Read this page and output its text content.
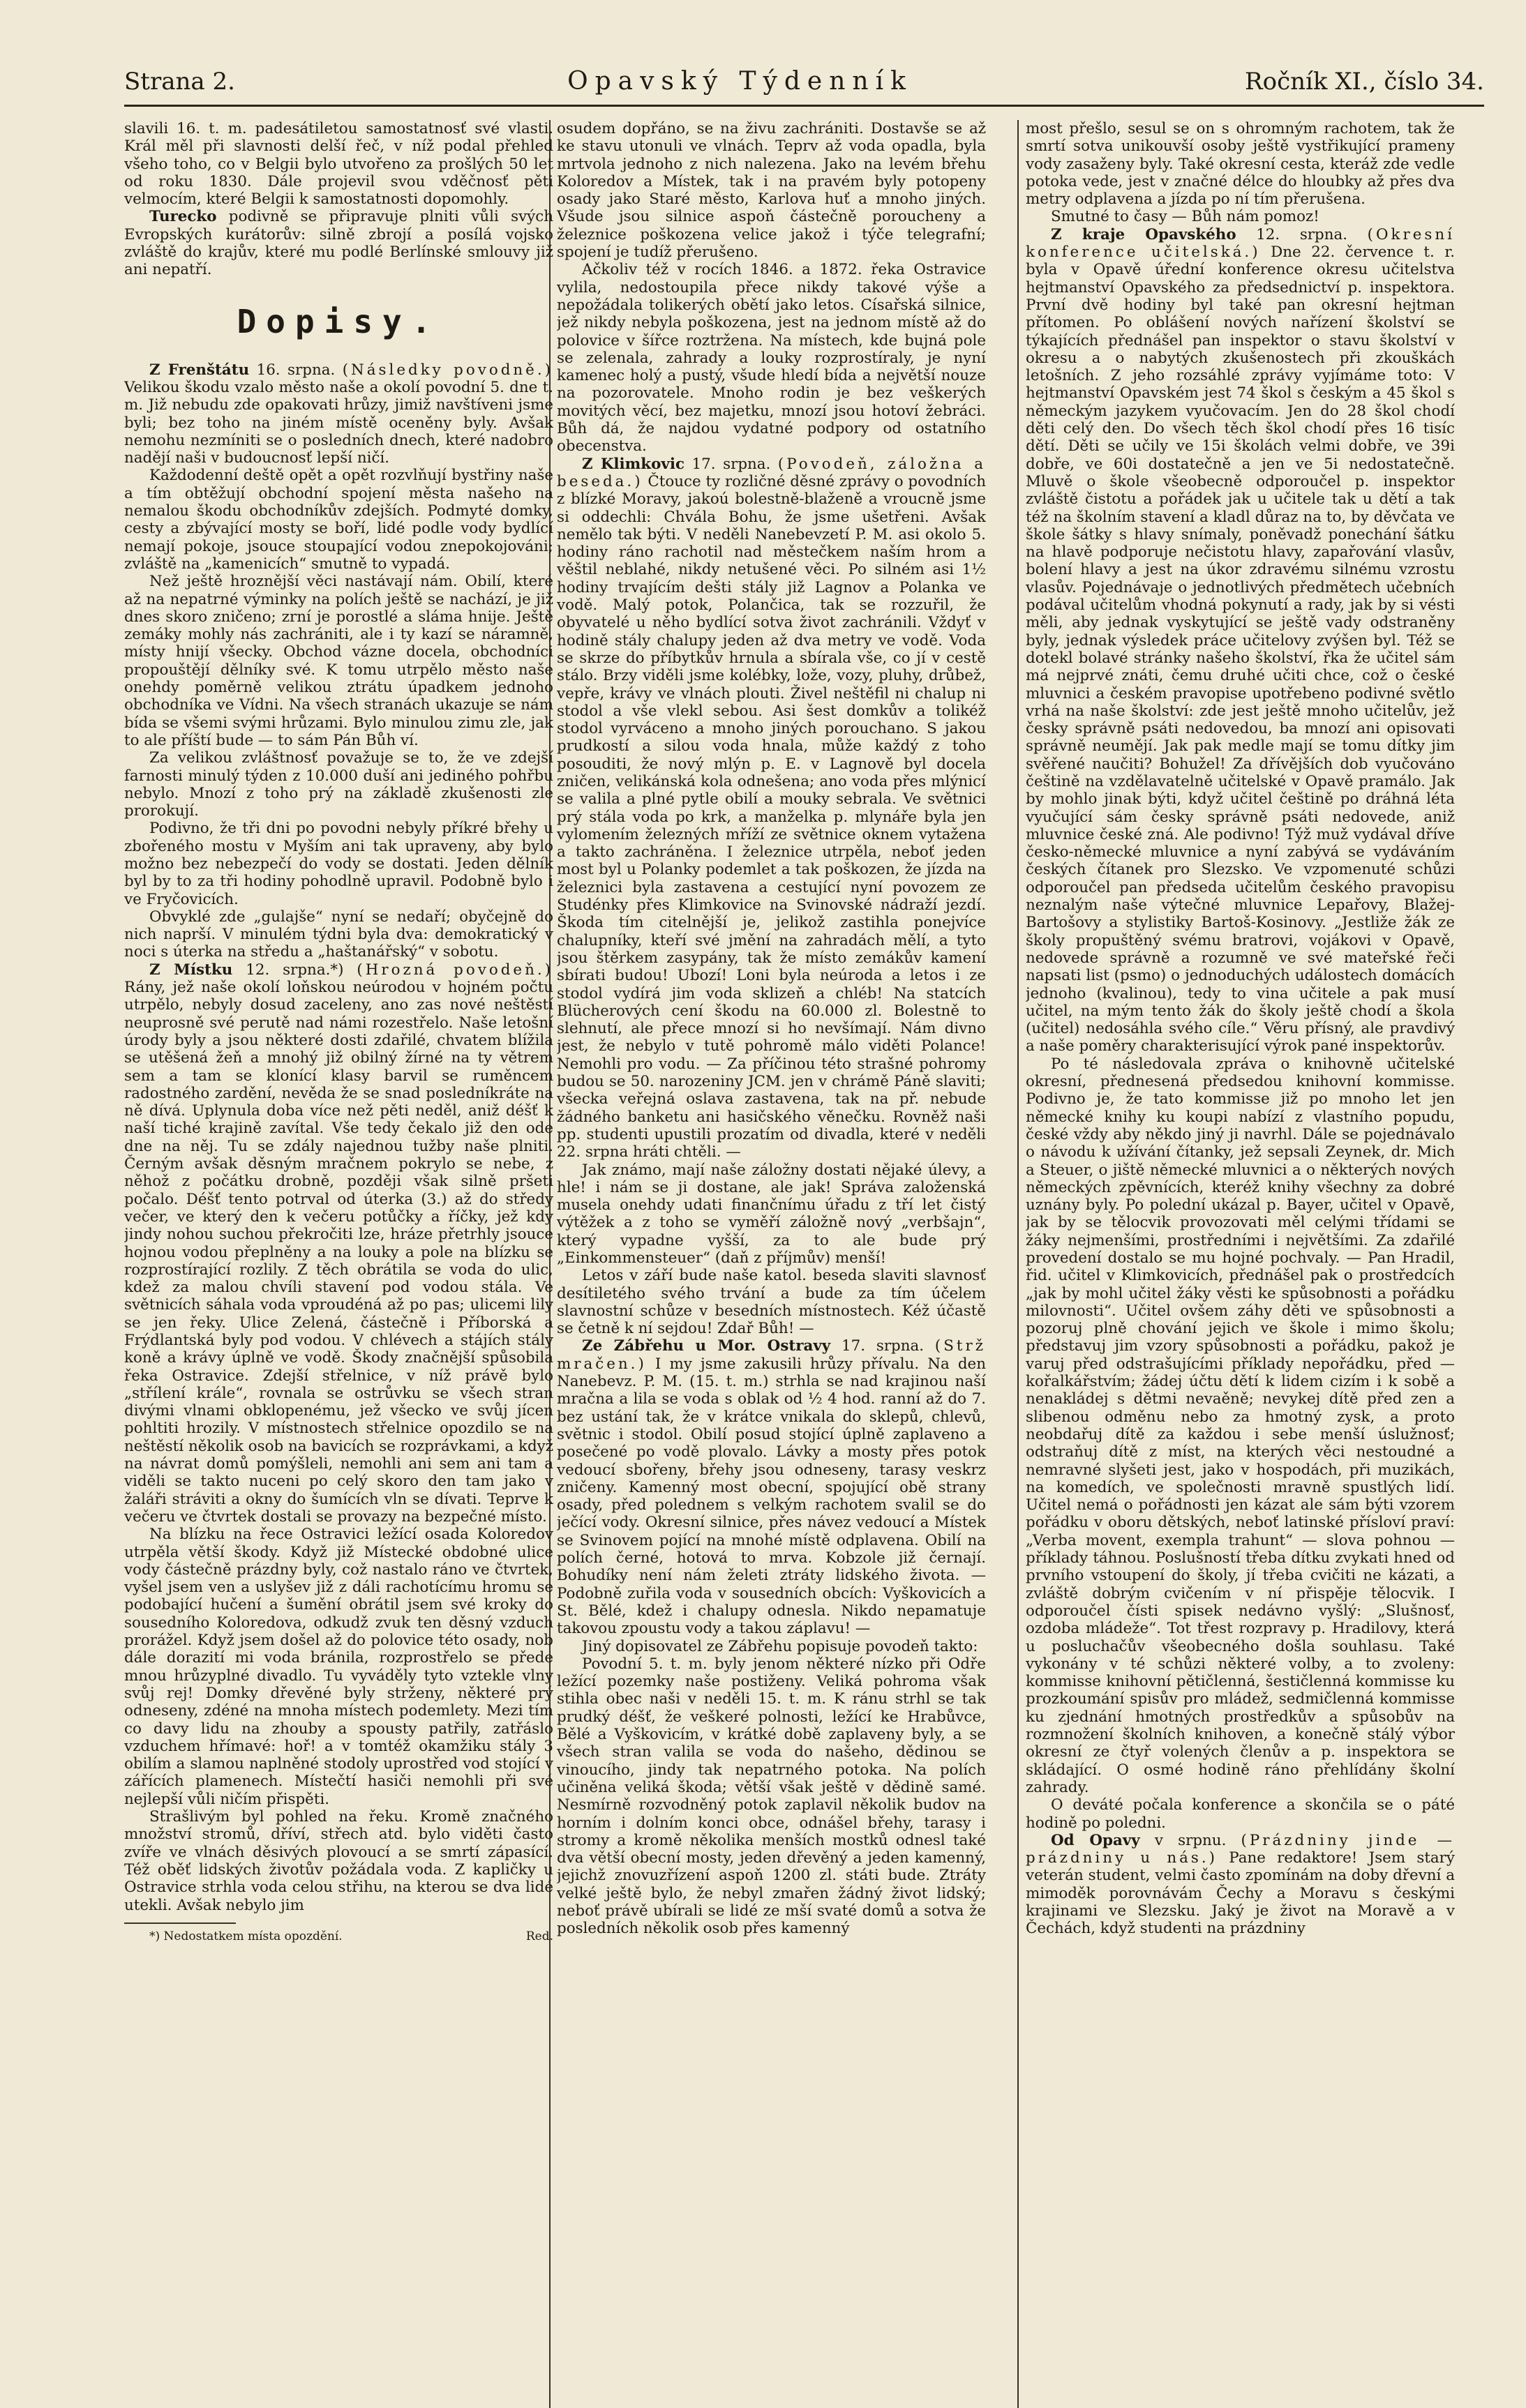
Strana 2.	Opavský Týdenník	Ročník XI., číslo 34.

slavili 16. t. m. padesátiletou samostatnosť své vlasti. Král měl při slavnosti delší řeč, v níž podal přehled všeho toho, co v Belgii bylo utvořeno za prošlých 50 let od roku 1830. Dále projevil svou vděčnosť pěti velmocím, které Belgii k samostatnosti dopomohly.

Turecko podivně se připravuje plniti vůli svých Evropských kurátorův: silně zbrojí a posílá vojsko zvláště do krajův, které mu podlé Berlínské smlouvy již ani nepatří.

Dopisy.

Z Frenštátu 16. srpna. (Následky povodně.) Velikou škodu vzalo město naše a okolí povodní 5. dne t. m. Již nebudu zde opakovati hrůzy, jimiž navštíveni jsme byli; bez toho na jiném místě oceněny byly. Avšak nemohu nezmíniti se o posledních dnech, které nadobro nadějí naši v budoucnosť lepší ničí.

Každodenní deště opět a opět rozvlňují bystřiny naše a tím obtěžují obchodní spojení města našeho na nemalou škodu obchodníkův zdejších. Podmyté domky, cesty a zbývající mosty se boří, lidé podle vody bydlící nemají pokoje, jsouce stoupající vodou znepokojováni; zvláště na „kamenicích“ smutně to vypadá.

Než ještě hroznější věci nastávají nám. Obilí, které až na nepatrné výminky na polích ještě se nachází, je již dnes skoro zničeno; zrní je porostlé a sláma hnije. Ještě zemáky mohly nás zachrániti, ale i ty kazí se náramně, místy hnijí všecky. Obchod vázne docela, obchodníci propouštějí dělníky své. K tomu utrpělo město naše onehdy poměrně velikou ztrátu úpadkem jednoho obchodníka ve Vídni. Na všech stranách ukazuje se nám bída se všemi svými hrůzami. Bylo minulou zimu zle, jak to ale příští bude — to sám Pán Bůh ví.

Za velikou zvláštnosť považuje se to, že ve zdejší farnosti minulý týden z 10.000 duší ani jediného pohřbu nebylo. Mnozí z toho prý na základě zkušenosti zle prorokují.

Podivno, že tři dni po povodni nebyly příkré břehy u zbořeného mostu v Myším ani tak upraveny, aby bylo možno bez nebezpečí do vody se dostati. Jeden dělník byl by to za tři hodiny pohodlně upravil. Podobně bylo i ve Fryčovicích.

Obvyklé zde „gulajše“ nyní se nedaří; obyčejně do nich naprší. V minulém týdni byla dva: demokratický v noci s úterka na středu a „haštanářský“ v sobotu.

Z Místku 12. srpna.*) (Hrozná povodeň.) Rány, jež naše okolí loňskou neúrodou v hojném počtu utrpělo, nebyly dosud zaceleny, ano zas nové neštěstí neuprosně své perutě nad námi rozestřelo. Naše letošní úrody byly a jsou některé dosti zdařilé, chvatem blížila se utěšená žeň a mnohý již obilný žírné na ty větrem sem a tam se klonící klasy barvil se ruměncem radostného zardění, nevěda že se snad posledníkráte na ně dívá. Uplynula doba více než pěti neděl, aniž déšť k naší tiché krajině zavítal. Vše tedy čekalo již den ode dne na něj. Tu se zdály najednou tužby naše plniti. Černým avšak děsným mračnem pokrylo se nebe, z něhož z počátku drobně, později však silně pršeti počalo. Déšť tento potrval od úterka (3.) až do středy večer, ve který den k večeru potůčky a říčky, jež kdy jindy nohou suchou překročiti lze, hráze přetrhly jsouce hojnou vodou přeplněny a na louky a pole na blízku se rozprostírající rozlily. Z těch obrátila se voda do ulic, kdež za malou chvíli stavení pod vodou stála. Ve světnicích sáhala voda vproudéná až po pas; ulicemi lily se jen řeky. Ulice Zelená, částečně i Příborská a Frýdlantská byly pod vodou. V chlévech a stájích stály koně a krávy úplně ve vodě. Škody značnější spůsobila řeka Ostravice. Zdejší střelnice, v níž právě bylo „střílení krále“, rovnala se ostrůvku se všech stran divými vlnami obklopenému, jež všecko ve svůj jícen pohltiti hrozily. V místnostech střelnice opozdilo se na neštěstí několik osob na bavicích se rozprávkami, a když na návrat domů pomýšleli, nemohli ani sem ani tam a viděli se takto nuceni po celý skoro den tam jako v žaláři stráviti a okny do šumících vln se dívati. Teprve k večeru ve čtvrtek dostali se provazy na bezpečné místo.

Na blízku na řece Ostravici ležící osada Koloredov utrpěla větší škody. Když již Místecké obdobné ulice vody částečně prázdny byly, což nastalo ráno ve čtvrtek, vyšel jsem ven a uslyšev již z dáli rachotícímu hromu se podobající hučení a šumění obrátil jsem své kroky do sousedního Koloredova, odkudž zvuk ten děsný vzduch prorážel. Když jsem došel až do polovice této osady, nob dále dorazití mi voda bránila, rozprostřelo se přede mnou hrůzyplné divadlo. Tu vyváděly tyto vztekle vlny svůj rej! Domky dřevěné byly strženy, některé prý odneseny, zdéné na mnoha místech podemlety. Mezi tím co davy lidu na zhouby a spousty patřily, zatřáslo vzduchem hřímavé: hoř! a v tomtéž okamžiku stály 3 obilím a slamou naplněné stodoly uprostřed vod stojící v zářících plamenech. Místečtí hasiči nemohli při své nejlepší vůli ničím přispěti.

Strašlivým byl pohled na řeku. Kromě značného množství stromů, dříví, střech atd. bylo viděti často zvíře ve vlnách děsivých plovoucí a se smrtí zápasící. Též oběť lidských životův požádala voda. Z kapličky u Ostravice strhla voda celou střihu, na kterou se dva lidé utekli. Avšak nebylo jim

*) Nedostatkem místa opozdění.	Red.

osudem dopřáno, se na živu zachrániti. Dostavše se až ke stavu utonuli ve vlnách. Teprv až voda opadla, byla mrtvola jednoho z nich nalezena. Jako na levém břehu Koloredov a Místek, tak i na pravém byly potopeny osady jako Staré město, Karlova huť a mnoho jiných. Všude jsou silnice aspoň částečně poroucheny a železnice poškozena velice jakož i týče telegrafní; spojení je tudíž přerušeno.

Ačkoliv též v rocích 1846. a 1872. řeka Ostravice vylila, nedostoupila přece nikdy takové výše a nepožádala tolikerých obětí jako letos. Císařská silnice, jež nikdy nebyla poškozena, jest na jednom místě až do polovice v šířce roztržena. Na místech, kde bujná pole se zelenala, zahrady a louky rozprostíraly, je nyní kamenec holý a pustý, všude hledí bída a největší nouze na pozorovatele. Mnoho rodin je bez veškerých movitých věcí, bez majetku, mnozí jsou hotoví žebráci. Bůh dá, že najdou vydatné podpory od ostatního obecenstva.

Z Klimkovic 17. srpna. (Povodeň, záložna a beseda.) Čtouce ty rozličné děsné zprávy o povodních z blízké Moravy, jakoú bolestně-blaženě a vroucně jsme si oddechli: Chvála Bohu, že jsme ušetřeni. Avšak nemělo tak býti. V neděli Nanebevzetí P. M. asi okolo 5. hodiny ráno rachotil nad městečkem naším hrom a věštil neblahé, nikdy netušené věci. Po silném asi 1½ hodiny trvajícím dešti stály již Lagnov a Polanka ve vodě. Malý potok, Polančica, tak se rozzuřil, že obyvatelé u něho bydlící sotva život zachránili. Vždyť v hodině stály chalupy jeden až dva metry ve vodě. Voda se skrze do příbytkův hrnula a sbírala vše, co jí v cestě stálo. Brzy viděli jsme kolébky, lože, vozy, pluhy, drůbež, vepře, krávy ve vlnách plouti. Živel neštěfil ni chalup ni stodol a vše vlekl sebou. Asi šest domkův a tolikéž stodol vyrváceno a mnoho jiných porouchano. S jakou prudkostí a silou voda hnala, může každý z toho posouditi, že nový mlýn p. E. v Lagnově byl docela zničen, velikánská kola odnešena; ano voda přes mlýnicí se valila a plné pytle obilí a mouky sebrala. Ve světnici prý stála voda po krk, a manželka p. mlynáře byla jen vylomením železných mříží ze světnice oknem vytažena a takto zachráněna. I železnice utrpěla, neboť jeden most byl u Polanky podemlet a tak poškozen, že jízda na železnici byla zastavena a cestující nyní povozem ze Studénky přes Klimkovice na Svinovské nádraží jezdí. Škoda tím citelnější je, jelikož zastihla ponejvíce chalupníky, kteří své jmění na zahradách mělí, a tyto jsou štěrkem zasypány, tak že místo zemákův kamení sbírati budou! Ubozí! Loni byla neúroda a letos i ze stodol vydírá jim voda sklizeň a chléb! Na statcích Blücherových cení škodu na 60.000 zl. Bolestně to slehnutí, ale přece mnozí si ho nevšímají. Nám divno jest, že nebylo v tutě pohromě málo viděti Polance! Nemohli pro vodu. — Za příčinou této strašné pohromy budou se 50. narozeniny JCM. jen v chrámě Páně slaviti; všecka veřejná oslava zastavena, tak na př. nebude žádného banketu ani hasičského věnečku. Rovněž naši pp. studenti upustili prozatím od divadla, které v neděli 22. srpna hráti chtěli. —

Jak známo, mají naše záložny dostati nějaké úlevy, a hle! i nám se ji dostane, ale jak! Správa založenská musela onehdy udati finančnímu úřadu z tří let čistý výtěžek a z toho se vyměří záložně nový „verbšajn“, který vypadne vyšší, za to ale bude prý „Einkommensteuer“ (daň z příjmův) menší!

Letos v září bude naše katol. beseda slaviti slavnosť desítiletého svého trvání a bude za tím účelem slavnostní schůze v besedních místnostech. Kéž účastě se četně k ní sejdou! Zdař Bůh! —

Ze Zábřehu u Mor. Ostravy 17. srpna. (Strž mračen.) I my jsme zakusili hrůzy přívalu. Na den Nanebevz. P. M. (15. t. m.) strhla se nad krajinou naší mračna a lila se voda s oblak od ½ 4 hod. ranní až do 7. bez ustání tak, že v krátce vnikala do sklepů, chlevů, světnic i stodol. Obilí posud stojící úplně zaplaveno a posečené po vodě plovalo. Lávky a mosty přes potok vedoucí sbořeny, břehy jsou odneseny, tarasy veskrz zničeny. Kamenný most obecní, spojující obě strany osady, před polednem s velkým rachotem svalil se do ječící vody. Okresní silnice, přes návez vedoucí a Místek se Svinovem pojící na mnohé místě odplavena. Obilí na polích černé, hotová to mrva. Kobzole již černají. Bohudíky není nám želeti ztráty lidského života. — Podobně zuřila voda v sousedních obcích: Vyškovicích a St. Bělé, kdež i chalupy odnesla. Nikdo nepamatuje takovou zpoustu vody a takou záplavu! —

Jiný dopisovatel ze Zábřehu popisuje povodeň takto:

Povodní 5. t. m. byly jenom některé nízko při Odře ležící pozemky naše postiženy. Veliká pohroma však stihla obec naši v neděli 15. t. m. K ránu strhl se tak prudký déšť, že veškeré polnosti, ležící ke Hrabůvce, Bělé a Vyškovicím, v krátké době zaplaveny byly, a se všech stran valila se voda do našeho, dědinou se vinoucího, jindy tak nepatrného potoka. Na polích učiněna veliká škoda; větší však ještě v dědině samé. Nesmírně rozvodněný potok zaplavil několik budov na horním i dolním konci obce, odnášel břehy, tarasy i stromy a kromě několika menších mostků odnesl také dva větší obecní mosty, jeden dřevěný a jeden kamenný, jejichž znovuzřízení aspoň 1200 zl. státi bude. Ztráty velké ještě bylo, že nebyl zmařen žádný život lidský; neboť právě ubírali se lidé ze mší svaté domů a sotva že posledních několik osob přes kamenný

most přešlo, sesul se on s ohromným rachotem, tak že smrtí sotva unikouvší osoby ještě vystřikující prameny vody zasaženy byly. Také okresní cesta, kteráž zde vedle potoka vede, jest v značné délce do hloubky až přes dva metry odplavena a jízda po ní tím přerušena.

Smutné to časy — Bůh nám pomoz!

Z kraje Opavského 12. srpna. (Okresní konference učitelská.) Dne 22. července t. r. byla v Opavě úřední konference okresu učitelstva hejtmanství Opavského za předsednictví p. inspektora. První dvě hodiny byl také pan okresní hejtman přítomen. Po oblášení nových nařízení školství se týkajících přednášel pan inspektor o stavu školství v okresu a o nabytých zkušenostech při zkouškách letošních. Z jeho rozsáhlé zprávy vyjímáme toto: V hejtmanství Opavském jest 74 škol s českým a 45 škol s německým jazykem vyučovacím. Jen do 28 škol chodí děti celý den. Do všech těch škol chodí přes 16 tisíc dětí. Děti se učily ve 15i školách velmi dobře, ve 39i dobře, ve 60i dostatečně a jen ve 5i nedostatečně. Mluvě o škole všeobecně odporoučel p. inspektor zvláště čistotu a pořádek jak u učitele tak u dětí a tak též na školním stavení a kladl důraz na to, by děvčata ve škole šátky s hlavy snímaly, poněvadž ponechání šátku na hlavě podporuje nečistotu hlavy, zapařování vlasův, bolení hlavy a jest na úkor zdravému silnému vzrostu vlasův. Pojednávaje o jednotlivých předmětech učebních podával učitelům vhodná pokynutí a rady, jak by si vésti měli, aby jednak vyskytující se ještě vady odstraněny byly, jednak výsledek práce učitelovy zvýšen byl. Též se dotekl bolavé stránky našeho školství, řka že učitel sám má nejprvé znáti, čemu druhé učiti chce, což o české mluvnici a českém pravopise upotřebeno podivné světlo vrhá na naše školství: zde jest ještě mnoho učitelův, jež česky správně psáti nedovedou, ba mnozí ani opisovati správně neumějí. Jak pak medle mají se tomu dítky jim svěřené naučiti? Bohužel! Za dřívějších dob vyučováno češtině na vzdělavatelně učitelské v Opavě pramálo. Jak by mohlo jinak býti, když učitel češtině po dráhná léta vyučující sám česky správně psáti nedovede, aniž mluvnice české zná. Ale podivno! Týž muž vydával dříve česko-německé mluvnice a nyní zabývá se vydáváním českých čítanek pro Slezsko. Ve vzpomenuté schůzi odporoučel pan předseda učitelům českého pravopisu neznalým naše výtečné mluvnice Lepařovy, Blažej-Bartošovy a stylistiky Bartoš-Kosinovy. „Jestliže žák ze školy propuštěný svému bratrovi, vojákovi v Opavě, nedovede správně a rozumně ve své mateřské řeči napsati list (psmo) o jednoduchých událostech domácích jednoho (kvalinou), tedy to vina učitele a pak musí učitel, na mým tento žák do školy ještě chodí a škola (učitel) nedosáhla svého cíle.“ Věru přísný, ale pravdivý a naše poměry charakterisující výrok pané inspektorův.

Po té následovala zpráva o knihovně učitelské okresní, přednesená předsedou knihovní kommisse. Podivno je, že tato kommisse již po mnoho let jen německé knihy ku koupi nabízí z vlastního popudu, české vždy aby někdo jiný ji navrhl. Dále se pojednávalo o návodu k užívání čítanky, jež sepsali Zeynek, dr. Mich a Steuer, o jiště německé mluvnici a o některých nových německých zpěvnících, kteréž knihy všechny za dobré uznány byly. Po polední ukázal p. Bayer, učitel v Opavě, jak by se tělocvik provozovati měl celými třídami se žáky nejmenšími, prostředními i největšími. Za zdařilé provedení dostalo se mu hojné pochvaly. — Pan Hradil, řid. učitel v Klimkovicích, přednášel pak o prostředcích „jak by mohl učitel žáky věsti ke spůsobnosti a pořádku milovnosti“. Učitel ovšem záhy děti ve spůsobnosti a pozoruj plně chování jejich ve škole i mimo školu; představuj jim vzory spůsobnosti a pořádku, pakož je varuj před odstrašujícími příklady nepořádku, před — kořalkářstvím; žádej účtu dětí k lidem cizím i k sobě a nenakládej s dětmi nevaěně; nevykej dítě před zen a slibenou odměnu nebo za hmotný zysk, a proto neobdařuj dítě za každou i sebe menší úslužnosť; odstraňuj dítě z míst, na kterých věci nestoudné a nemravné slyšeti jest, jako v hospodách, při muzikách, na komedích, ve společnosti mravně spustlých lidí. Učitel nemá o pořádnosti jen kázat ale sám býti vzorem pořádku v oboru dětských, neboť latinské přísloví praví: „Verba movent, exempla trahunt“ — slova pohnou — příklady táhnou. Poslušností třeba dítku zvykati hned od prvního vstoupení do školy, jí třeba cvičiti ne kázati, a zvláště dobrým cvičením v ní přispěje tělocvik. I odporoučel čísti spisek nedávno vyšlý: „Slušnosť, ozdoba mládeže“. Tot třest rozpravy p. Hradilovy, která u posluchačův všeobecného došla souhlasu. Také vykonány v té schůzi některé volby, a to zvoleny: kommisse knihovní pětičlenná, šestičlenná kommisse ku prozkoumání spisův pro mládež, sedmičlenná kommisse ku zjednání hmotných prostředkův a spůsobův na rozmnožení školních knihoven, a konečně stálý výbor okresní ze čtyř volených členův a p. inspektora se skládající. O osmé hodině ráno přehlídány školní zahrady.

O deváté počala konference a skončila se o páté hodině po poledni.

Od Opavy v srpnu. (Prázdniny jinde — prázdniny u nás.) Pane redaktore! Jsem starý veterán student, velmi často zpomínám na doby dřevní a mimoděk porovnávám Čechy a Moravu s českými krajinami ve Slezsku. Jaký je život na Moravě a v Čechách, když studenti na prázdniny
